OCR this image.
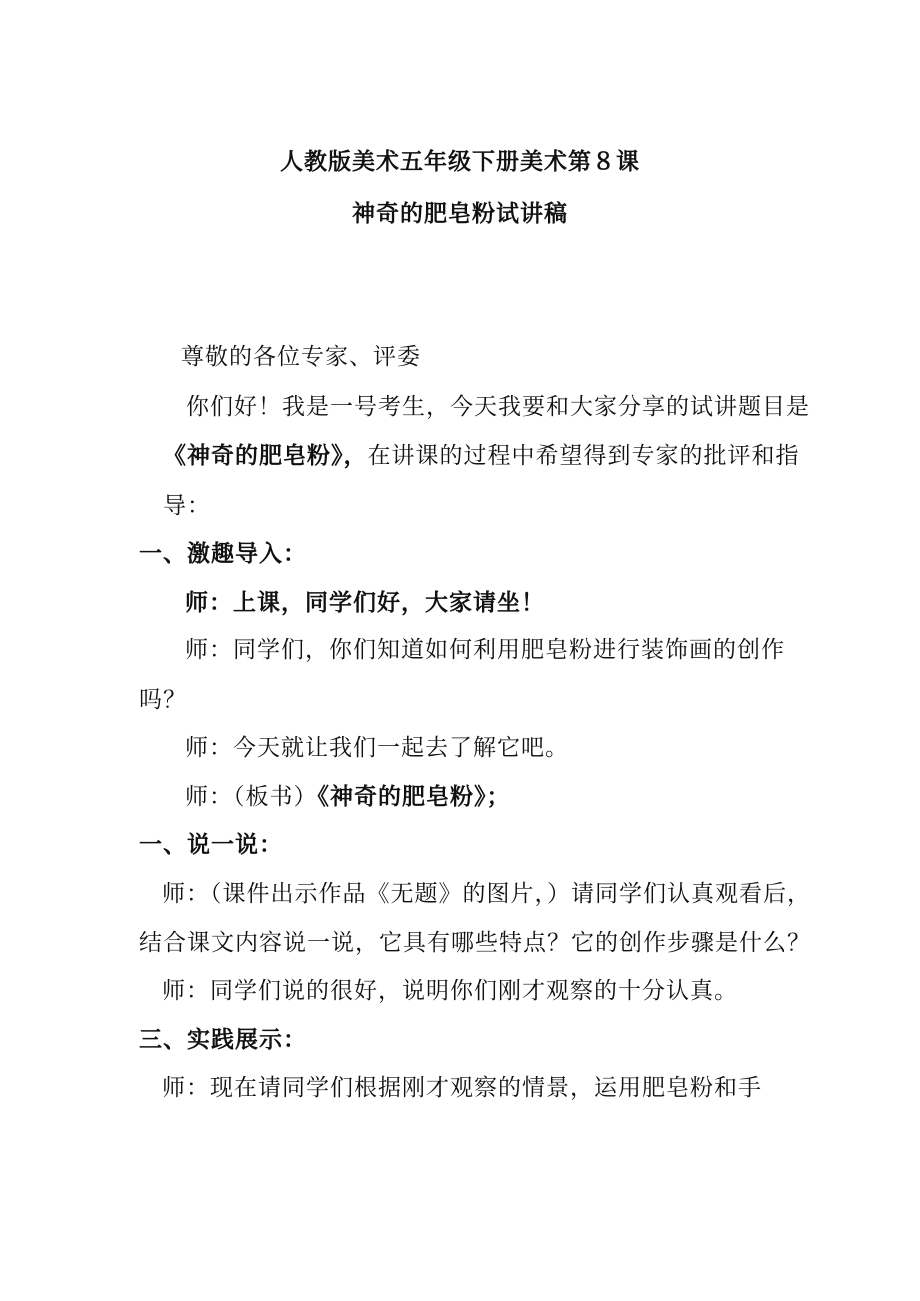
人教版美术五年级下册美术第８课
神奇的肥皂粉试讲稿
尊敬的各位专家、评委
你们好！我是一号考生，今天我要和大家分享的试讲题目是
《神奇的肥皂粉》，在讲课的过程中希望得到专家的批评和指
导：
一、激趣导入：
师：上课，同学们好，大家请坐！
师：同学们，你们知道如何利用肥皂粉进行装饰画的创作
吗？
师：今天就让我们一起去了解它吧。
师：（板书）《神奇的肥皂粉》；
一、说一说：
师：（课件出示作品《无题》的图片，）请同学们认真观看后，
结合课文内容说一说，它具有哪些特点？它的创作步骤是什么？
师：同学们说的很好，说明你们刚才观察的十分认真。
三、实践展示：
师：现在请同学们根据刚才观察的情景，运用肥皂粉和手
